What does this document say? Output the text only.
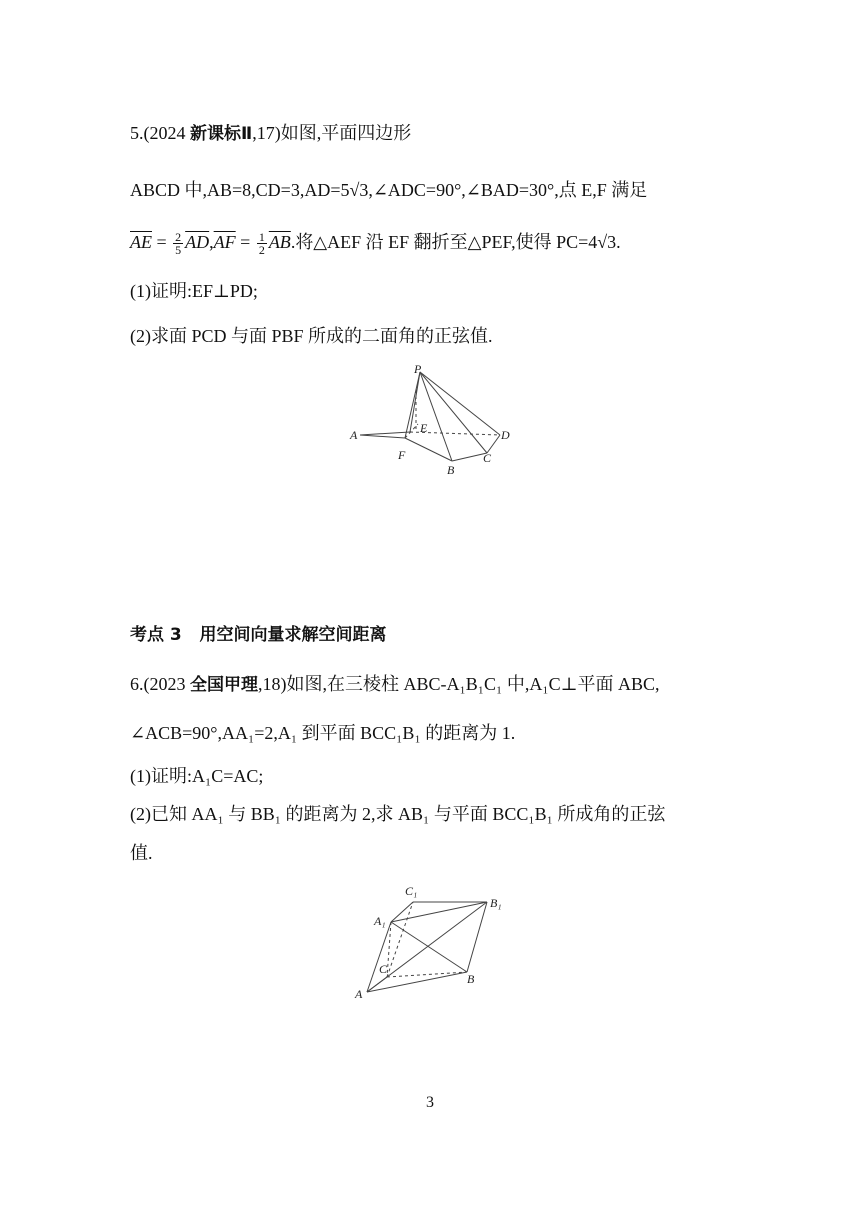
5.(2024 新课标Ⅱ,17)如图,平面四边形
ABCD 中,AB=8,CD=3,AD=5√3,∠ADC=90°,∠BAD=30°,点 E,F 满足
$\overline{AE} = \frac{2}{5} \overline{AD},\overline{AF} = \frac{1}{2} \overline{AB}$.将△AEF 沿 EF 翻折至△PEF,使得 PC=4√3.
(1)证明:EF⊥PD;
(2)求面 PCD 与面 PBF 所成的二面角的正弦值.
P
A	E	D
F
B
C
考点 3 用空间向量求解空间距离
6.(2023 全国甲理,18)如图,在三棱柱 ABC-A₁B₁C₁ 中,A₁C⊥平面 ABC,
∠ACB=90°,AA₁=2,A₁ 到平面 BCC₁B₁ 的距离为 1.
(1)证明:A₁C=AC;
(2)已知 AA₁ 与 BB₁ 的距离为 2,求 AB₁ 与平面 BCC₁B₁ 所成角的正弦
值.
C₁
A₁
B₁
C
A
B
3
